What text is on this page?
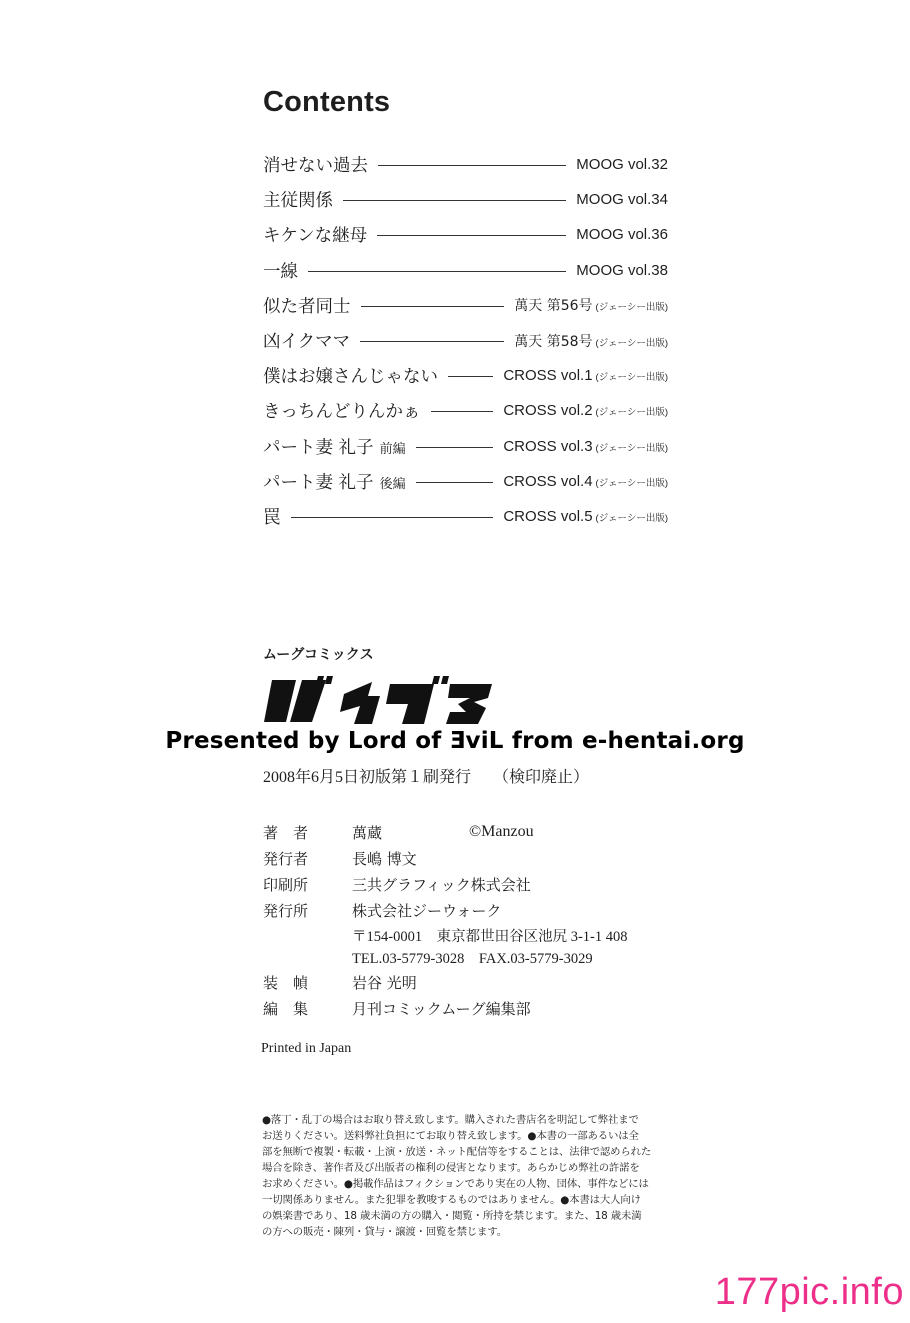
Contents
消せない過去	MOOG vol.32
主従関係	MOOG vol.34
キケンな継母	MOOG vol.36
一線	MOOG vol.38
似た者同士	萬天 第56号 (ジェーシー出版)
凶イクママ	萬天 第58号 (ジェーシー出版)
僕はお嬢さんじゃない	CROSS vol.1 (ジェーシー出版)
きっちんどりんかぁ	CROSS vol.2 (ジェーシー出版)
パート妻 礼子 前編	CROSS vol.3 (ジェーシー出版)
パート妻 礼子 後編	CROSS vol.4 (ジェーシー出版)
罠	CROSS vol.5 (ジェーシー出版)
ムーグコミックス
Presented by Lord of ƎviL from e-hentai.org
2008年6月5日初版第１刷発行 （検印廃止）
著　者	萬蔵	©Manzou
発行者	長嶋 博文
印刷所	三共グラフィック株式会社
発行所	株式会社ジーウォーク
〒154-0001　東京都世田谷区池尻 3-1-1 408
TEL.03-5779-3028　FAX.03-5779-3029
装　幀	岩谷 光明
編　集	月刊コミックムーグ編集部
Printed in Japan
●落丁・乱丁の場合はお取り替え致します。購入された書店名を明記して弊社まで
お送りください。送料弊社負担にてお取り替え致します。●本書の一部あるいは全
部を無断で複製・転載・上演・放送・ネット配信等をすることは、法律で認められた
場合を除き、著作者及び出版者の権利の侵害となります。あらかじめ弊社の許諾を
お求めください。●掲載作品はフィクションであり実在の人物、団体、事件などには
一切関係ありません。また犯罪を教唆するものではありません。●本書は大人向け
の娯楽書であり、18 歳未満の方の購入・閲覧・所持を禁じます。また、18 歳未満
の方への販売・陳列・貸与・譲渡・回覧を禁じます。
177pic.info
